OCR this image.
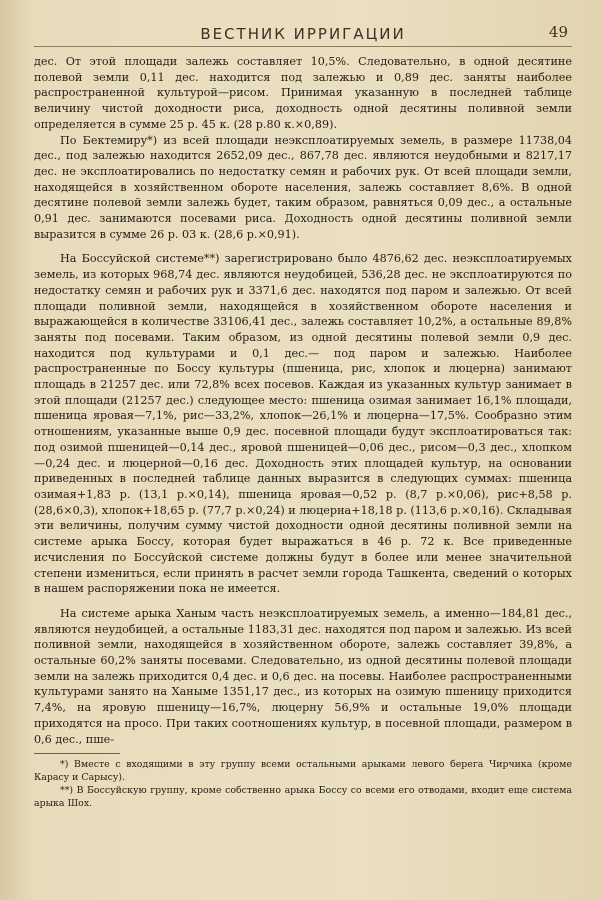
ВЕСТНИК ИРРИГАЦИИ	49

дес. От этой площади залежь составляет 10,5%. Следовательно, в одной десятине полевой земли 0,11 дес. находится под залежью и 0,89 дес. заняты наиболее распространенной культурой—рисом. Принимая указанную в последней таблице величину чистой доходности риса, доходность одной десятины поливной земли определяется в сумме 25 р. 45 к. (28 р.80 к.×0,89).

По Бектемиру*) из всей площади неэксплоатируемых земель, в размере 11738,04 дес., под залежью находится 2652,09 дес., 867,78 дес. являются неудобными и 8217,17 дес. не эксплоатировались по недостатку семян и рабочих рук. От всей площади земли, находящейся в хозяйственном обороте населения, залежь составляет 8,6%. В одной десятине полевой земли залежь будет, таким образом, равняться 0,09 дес., а остальные 0,91 дес. занимаются посевами риса. Доходность одной десятины поливной земли выразится в сумме 26 р. 03 к. (28,6 р.×0,91).

На Боссуйской системе**) зарегистрировано было 4876,62 дес. неэксплоатируемых земель, из которых 968,74 дес. являются неудобицей, 536,28 дес. не эксплоатируются по недостатку семян и рабочих рук и 3371,6 дес. находятся под паром и залежью. От всей площади поливной земли, находящейся в хозяйственном обороте населения и выражающейся в количестве 33106,41 дес., залежь составляет 10,2%, а остальные 89,8% заняты под посевами. Таким образом, из одной десятины полевой земли 0,9 дес. находится под культурами и 0,1 дес.— под паром и залежью. Наиболее распространенные по Боссу культуры (пшеница, рис, хлопок и люцерна) занимают площадь в 21257 дес. или 72,8% всех посевов. Каждая из указанных культур занимает в этой площади (21257 дес.) следующее место: пшеница озимая занимает 16,1% площади, пшеница яровая—7,1%, рис—33,2%, хлопок—26,1% и люцерна—17,5%. Сообразно этим отношениям, указанные выше 0,9 дес. посевной площади будут эксплоатироваться так: под озимой пшеницей—0,14 дес., яровой пшеницей—0,06 дес., рисом—0,3 дес., хлопком—0,24 дес. и люцерной—0,16 дес. Доходность этих площадей культур, на основании приведенных в последней таблице данных выразится в следующих суммах: пшеница озимая+1,83 р. (13,1 р.×0,14), пшеница яровая—0,52 р. (8,7 р.×0,06), рис+8,58 р. (28,6×0,3), хлопок+18,65 р. (77,7 р.×0,24) и люцерна+18,18 р. (113,6 р.×0,16). Складывая эти величины, получим сумму чистой доходности одной десятины поливной земли на системе арыка Боссу, которая будет выражаться в 46 р. 72 к. Все приведенные исчисления по Боссуйской системе должны будут в более или менее значительной степени измениться, если принять в расчет земли города Ташкента, сведений о которых в нашем распоряжении пока не имеется.

На системе арыка Ханым часть неэксплоатируемых земель, а именно—184,81 дес., являются неудобицей, а остальные 1183,31 дес. находятся под паром и залежью. Из всей поливной земли, находящейся в хозяйственном обороте, залежь составляет 39,8%, а остальные 60,2% заняты посевами. Следовательно, из одной десятины полевой площади земли на залежь приходится 0,4 дес. и 0,6 дес. на посевы. Наиболее распространенными культурами занято на Ханыме 1351,17 дес., из которых на озимую пшеницу приходится 7,4%, на яровую пшеницу—16,7%, люцерну 56,9% и остальные 19,0% площади приходятся на просо. При таких соотношениях культур, в посевной площади, размером в 0,6 дес., пше-

*) Вместе с входящими в эту группу всеми остальными арыками левого берега Чирчика (кроме Карасу и Сарысу).

**) В Боссуйскую группу, кроме собственно арыка Боссу со всеми его отводами, входит еще система арыка Шох.
